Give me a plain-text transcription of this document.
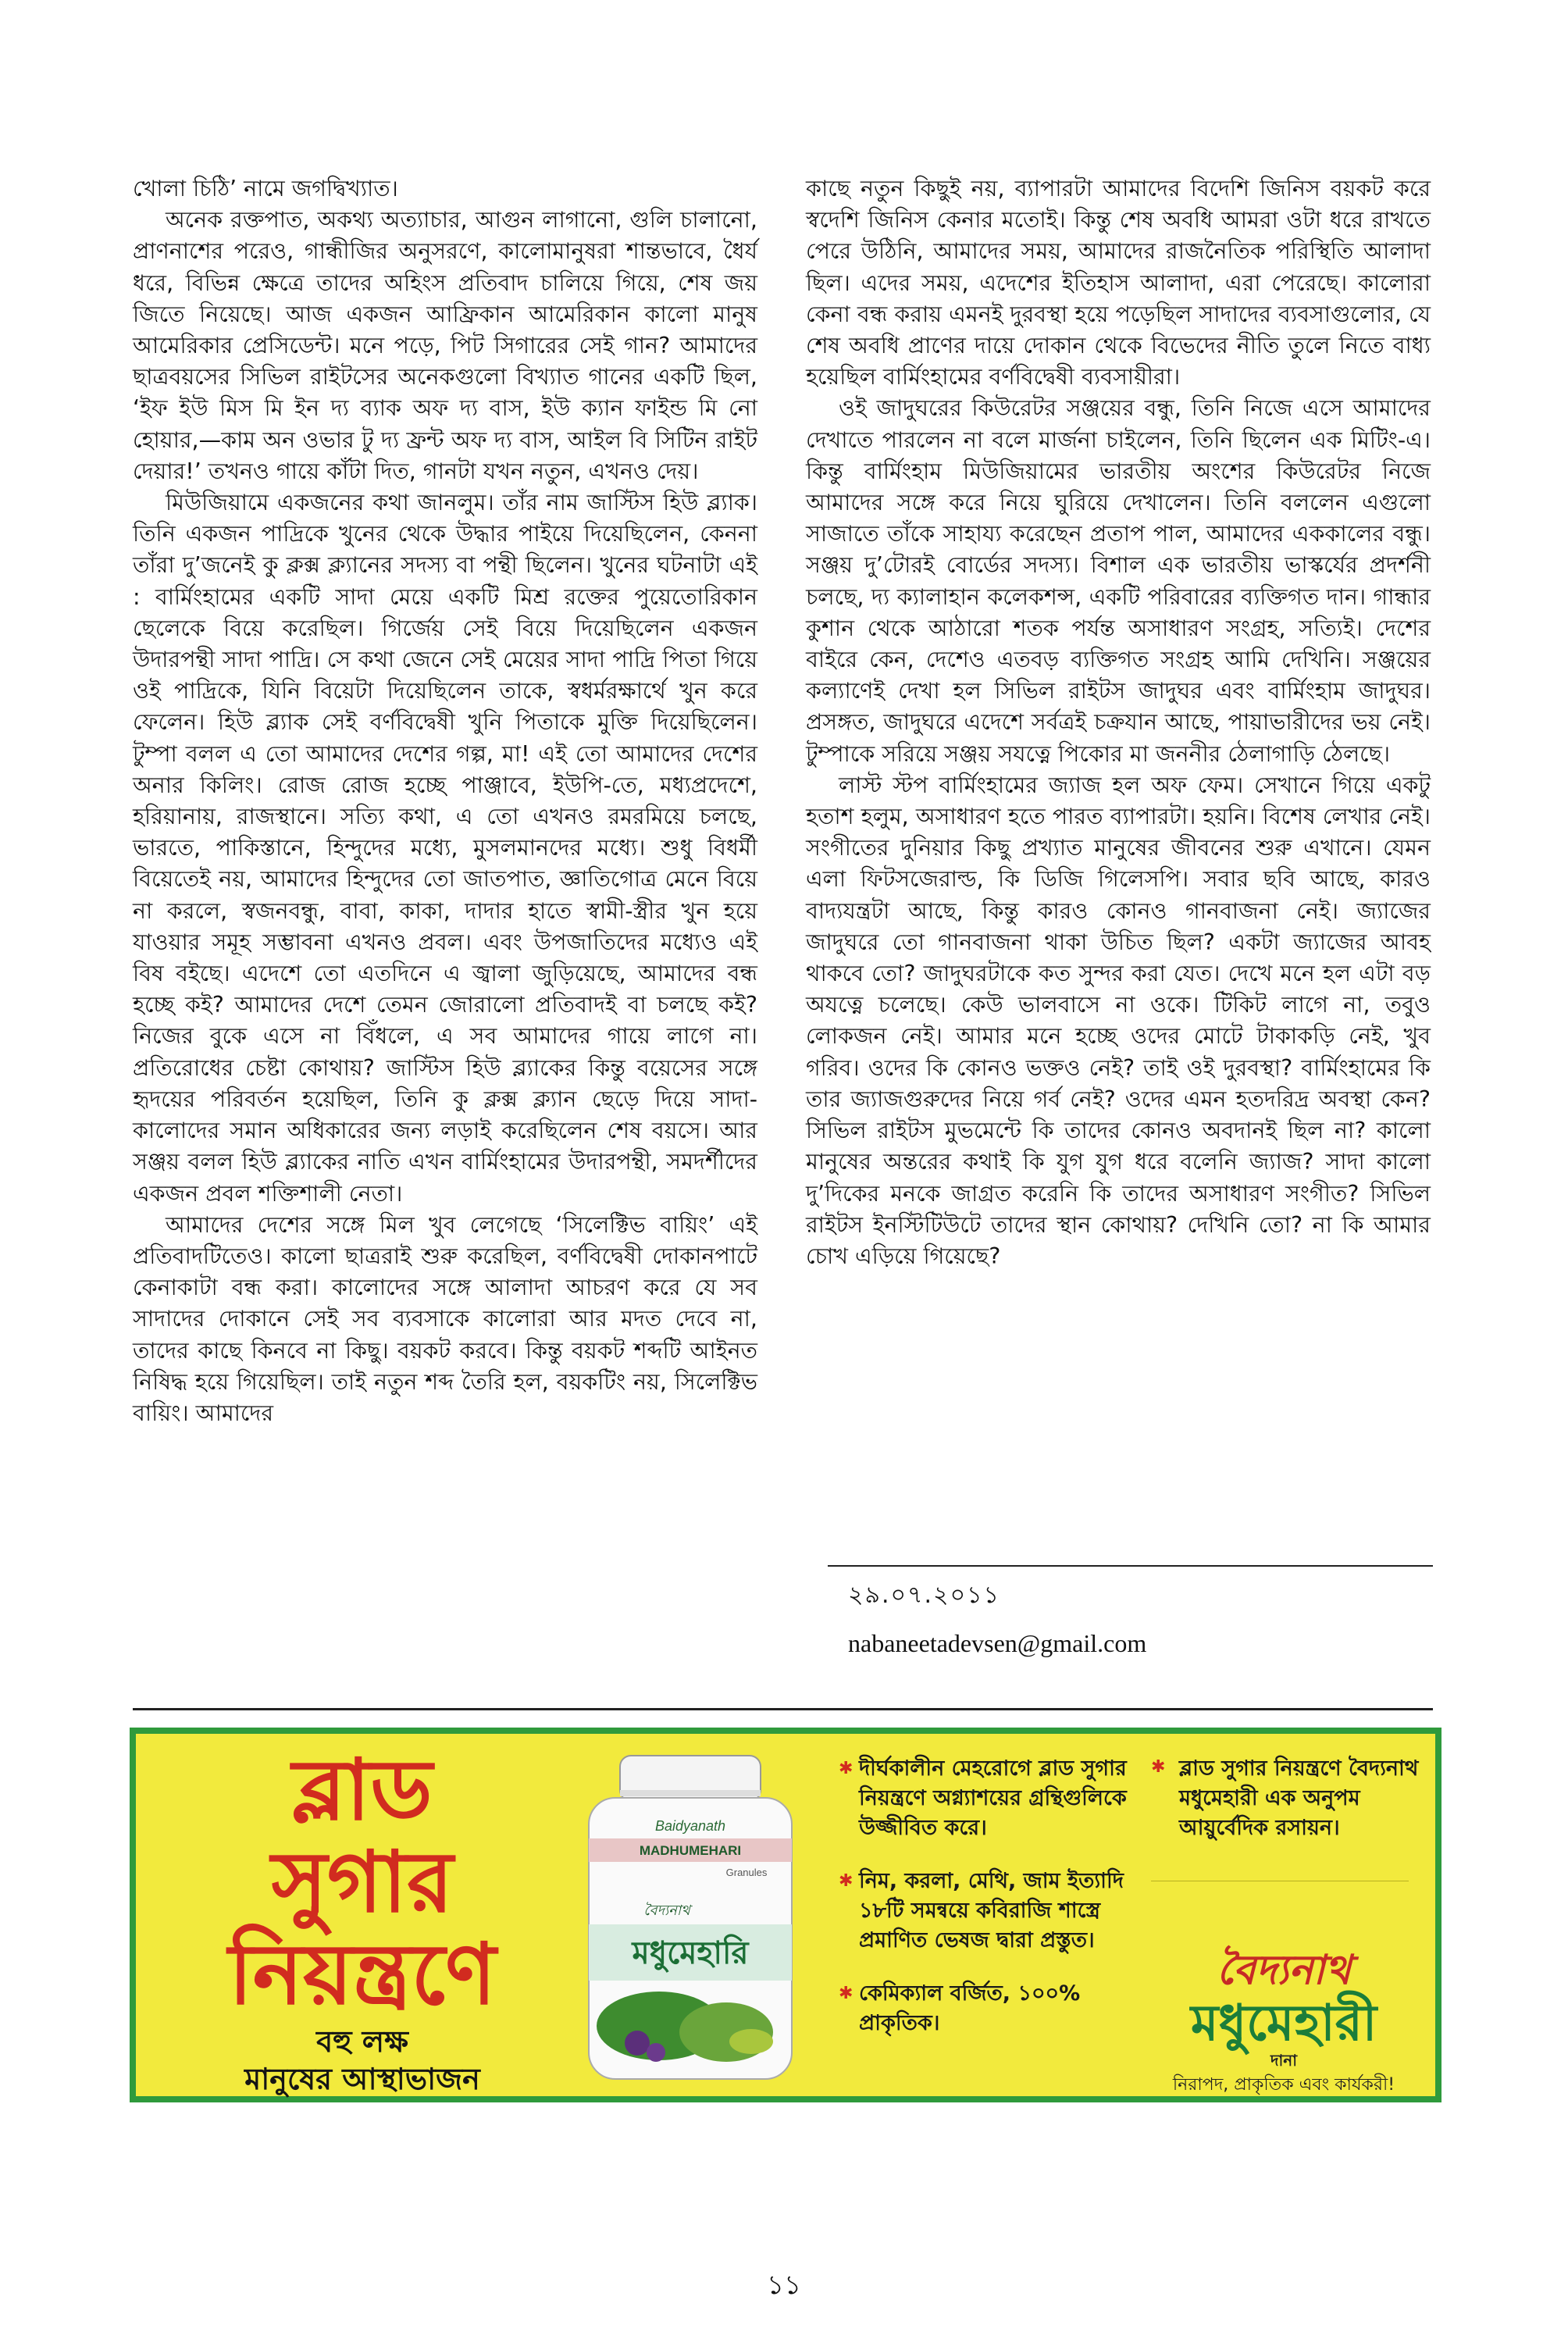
খোলা চিঠি’ নামে জগদ্বিখ্যাত।

অনেক রক্তপাত, অকথ্য অত্যাচার, আগুন লাগানো, গুলি চালানো, প্রাণনাশের পরেও, গান্ধীজির অনুসরণে, কালোমানুষরা শান্তভাবে, ধৈর্য ধরে, বিভিন্ন ক্ষেত্রে তাদের অহিংস প্রতিবাদ চালিয়ে গিয়ে, শেষ জয় জিতে নিয়েছে। আজ একজন আফ্রিকান আমেরিকান কালো মানুষ আমেরিকার প্রেসিডেন্ট। মনে পড়ে, পিট সিগারের সেই গান? আমাদের ছাত্রবয়সের সিভিল রাইটসের অনেকগুলো বিখ্যাত গানের একটি ছিল, ‘ইফ ইউ মিস মি ইন দ্য ব্যাক অফ দ্য বাস, ইউ ক্যান ফাইন্ড মি নো হোয়ার,—কাম অন ওভার টু দ্য ফ্রন্ট অফ দ্য বাস, আইল বি সিটিন রাইট দেয়ার!’ তখনও গায়ে কাঁটা দিত, গানটা যখন নতুন, এখনও দেয়।

মিউজিয়ামে একজনের কথা জানলুম। তাঁর নাম জাস্টিস হিউ ব্ল্যাক। তিনি একজন পাদ্রিকে খুনের থেকে উদ্ধার পাইয়ে দিয়েছিলেন, কেননা তাঁরা দু’জনেই কু ক্লক্স ক্ল্যানের সদস্য বা পন্থী ছিলেন। খুনের ঘটনাটা এই : বার্মিংহামের একটি সাদা মেয়ে একটি মিশ্র রক্তের পুয়েতোরিকান ছেলেকে বিয়ে করেছিল। গির্জেয় সেই বিয়ে দিয়েছিলেন একজন উদারপন্থী সাদা পাদ্রি। সে কথা জেনে সেই মেয়ের সাদা পাদ্রি পিতা গিয়ে ওই পাদ্রিকে, যিনি বিয়েটা দিয়েছিলেন তাকে, স্বধর্মরক্ষার্থে খুন করে ফেলেন। হিউ ব্ল্যাক সেই বর্ণবিদ্বেষী খুনি পিতাকে মুক্তি দিয়েছিলেন। টুম্পা বলল এ তো আমাদের দেশের গল্প, মা! এই তো আমাদের দেশের অনার কিলিং। রোজ রোজ হচ্ছে পাঞ্জাবে, ইউপি-তে, মধ্যপ্রদেশে, হরিয়ানায়, রাজস্থানে। সত্যি কথা, এ তো এখনও রমরমিয়ে চলছে, ভারতে, পাকিস্তানে, হিন্দুদের মধ্যে, মুসলমানদের মধ্যে। শুধু বিধর্মী বিয়েতেই নয়, আমাদের হিন্দুদের তো জাতপাত, জ্ঞাতিগোত্র মেনে বিয়ে না করলে, স্বজনবন্ধু, বাবা, কাকা, দাদার হাতে স্বামী-স্ত্রীর খুন হয়ে যাওয়ার সমূহ সম্ভাবনা এখনও প্রবল। এবং উপজাতিদের মধ্যেও এই বিষ বইছে। এদেশে তো এতদিনে এ জ্বালা জুড়িয়েছে, আমাদের বন্ধ হচ্ছে কই? আমাদের দেশে তেমন জোরালো প্রতিবাদই বা চলছে কই? নিজের বুকে এসে না বিঁধলে, এ সব আমাদের গায়ে লাগে না। প্রতিরোধের চেষ্টা কোথায়? জাস্টিস হিউ ব্ল্যাকের কিন্তু বয়েসের সঙ্গে হৃদয়ের পরিবর্তন হয়েছিল, তিনি কু ক্লক্স ক্ল্যান ছেড়ে দিয়ে সাদা-কালোদের সমান অধিকারের জন্য লড়াই করেছিলেন শেষ বয়সে। আর সঞ্জয় বলল হিউ ব্ল্যাকের নাতি এখন বার্মিংহামের উদারপন্থী, সমদর্শীদের একজন প্রবল শক্তিশালী নেতা।

আমাদের দেশের সঙ্গে মিল খুব লেগেছে ‘সিলেক্টিভ বায়িং’ এই প্রতিবাদটিতেও। কালো ছাত্ররাই শুরু করেছিল, বর্ণবিদ্বেষী দোকানপাটে কেনাকাটা বন্ধ করা। কালোদের সঙ্গে আলাদা আচরণ করে যে সব সাদাদের দোকানে সেই সব ব্যবসাকে কালোরা আর মদত দেবে না, তাদের কাছে কিনবে না কিছু। বয়কট করবে। কিন্তু বয়কট শব্দটি আইনত নিষিদ্ধ হয়ে গিয়েছিল। তাই নতুন শব্দ তৈরি হল, বয়কটিং নয়, সিলেক্টিভ বায়িং। আমাদের

কাছে নতুন কিছুই নয়, ব্যাপারটা আমাদের বিদেশি জিনিস বয়কট করে স্বদেশি জিনিস কেনার মতোই। কিন্তু শেষ অবধি আমরা ওটা ধরে রাখতে পেরে উঠিনি, আমাদের সময়, আমাদের রাজনৈতিক পরিস্থিতি আলাদা ছিল। এদের সময়, এদেশের ইতিহাস আলাদা, এরা পেরেছে। কালোরা কেনা বন্ধ করায় এমনই দুরবস্থা হয়ে পড়েছিল সাদাদের ব্যবসাগুলোর, যে শেষ অবধি প্রাণের দায়ে দোকান থেকে বিভেদের নীতি তুলে নিতে বাধ্য হয়েছিল বার্মিংহামের বর্ণবিদ্বেষী ব্যবসায়ীরা।

ওই জাদুঘরের কিউরেটর সঞ্জয়ের বন্ধু, তিনি নিজে এসে আমাদের দেখাতে পারলেন না বলে মার্জনা চাইলেন, তিনি ছিলেন এক মিটিং-এ। কিন্তু বার্মিংহাম মিউজিয়ামের ভারতীয় অংশের কিউরেটর নিজে আমাদের সঙ্গে করে নিয়ে ঘুরিয়ে দেখালেন। তিনি বললেন এগুলো সাজাতে তাঁকে সাহায্য করেছেন প্রতাপ পাল, আমাদের এককালের বন্ধু। সঞ্জয় দু’টোরই বোর্ডের সদস্য। বিশাল এক ভারতীয় ভাস্কর্যের প্রদর্শনী চলছে, দ্য ক্যালাহান কলেকশন্স, একটি পরিবারের ব্যক্তিগত দান। গান্ধার কুশান থেকে আঠারো শতক পর্যন্ত অসাধারণ সংগ্রহ, সত্যিই। দেশের বাইরে কেন, দেশেও এতবড় ব্যক্তিগত সংগ্রহ আমি দেখিনি। সঞ্জয়ের কল্যাণেই দেখা হল সিভিল রাইটস জাদুঘর এবং বার্মিংহাম জাদুঘর। প্রসঙ্গত, জাদুঘরে এদেশে সর্বত্রই চক্রযান আছে, পায়াভারীদের ভয় নেই। টুম্পাকে সরিয়ে সঞ্জয় সযত্নে পিকোর মা জননীর ঠেলাগাড়ি ঠেলছে।

লাস্ট স্টপ বার্মিংহামের জ্যাজ হল অফ ফেম। সেখানে গিয়ে একটু হতাশ হলুম, অসাধারণ হতে পারত ব্যাপারটা। হয়নি। বিশেষ লেখার নেই। সংগীতের দুনিয়ার কিছু প্রখ্যাত মানুষের জীবনের শুরু এখানে। যেমন এলা ফিটসজেরাল্ড, কি ডিজি গিলেসপি। সবার ছবি আছে, কারও বাদ্যযন্ত্রটা আছে, কিন্তু কারও কোনও গানবাজনা নেই। জ্যাজের জাদুঘরে তো গানবাজনা থাকা উচিত ছিল? একটা জ্যাজের আবহ থাকবে তো? জাদুঘরটাকে কত সুন্দর করা যেত। দেখে মনে হল এটা বড় অযত্নে চলেছে। কেউ ভালবাসে না ওকে। টিকিট লাগে না, তবুও লোকজন নেই। আমার মনে হচ্ছে ওদের মোটে টাকাকড়ি নেই, খুব গরিব। ওদের কি কোনও ভক্তও নেই? তাই ওই দুরবস্থা? বার্মিংহামের কি তার জ্যাজগুরুদের নিয়ে গর্ব নেই? ওদের এমন হতদরিদ্র অবস্থা কেন? সিভিল রাইটস মুভমেন্টে কি তাদের কোনও অবদানই ছিল না? কালো মানুষের অন্তরের কথাই কি যুগ যুগ ধরে বলেনি জ্যাজ? সাদা কালো দু’দিকের মনকে জাগ্রত করেনি কি তাদের অসাধারণ সংগীত? সিভিল রাইটস ইনস্টিটিউটে তাদের স্থান কোথায়? দেখিনি তো? না কি আমার চোখ এড়িয়ে গিয়েছে?

২৯.০৭.২০১১
nabaneetadevsen@gmail.com
ব্লাড
সুগার
নিয়ন্ত্রণে
বহু লক্ষ
মানুষের আস্থাভাজন
Baidyanath
MADHUMEHARI
Granules
বৈদ্যনাথ
মধুমেহারি
✱ দীর্ঘকালীন মেহরোগে ব্লাড সুগার নিয়ন্ত্রণে অগ্ন্যাশয়ের গ্রন্থিগুলিকে উজ্জীবিত করে।
✱ নিম, করলা, মেথি, জাম ইত্যাদি ১৮টি সমন্বয়ে কবিরাজি শাস্ত্রে প্রমাণিত ভেষজ দ্বারা প্রস্তুত।
✱ কেমিক্যাল বর্জিত, ১০০% প্রাকৃতিক।
✱ ব্লাড সুগার নিয়ন্ত্রণে বৈদ্যনাথ মধুমেহারী এক অনুপম আয়ুর্বেদিক রসায়ন।
বৈদ্যনাথ
মধুমেহারী
দানা
নিরাপদ, প্রাকৃতিক এবং কার্যকরী!
১১
